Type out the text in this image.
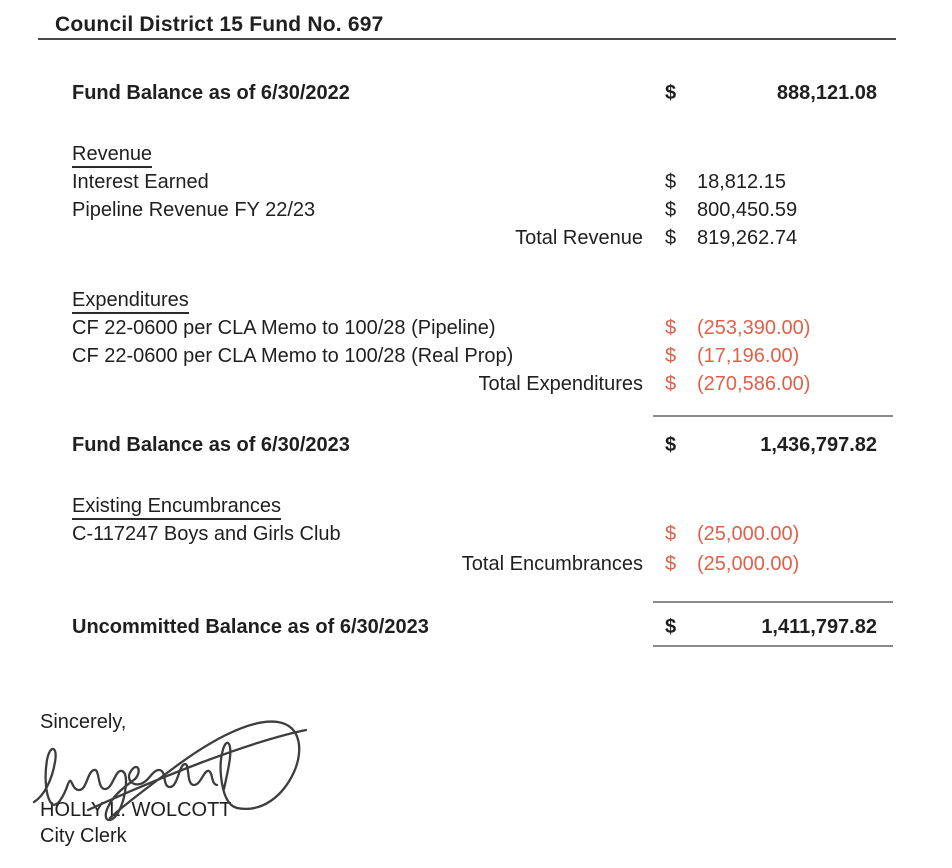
Council District 15 Fund No. 697
Fund Balance as of 6/30/2022	$	888,121.08
Revenue
Interest Earned	$	18,812.15
Pipeline Revenue FY 22/23	$	800,450.59
Total Revenue	$	819,262.74
Expenditures
CF 22-0600 per CLA Memo to 100/28 (Pipeline)	$	(253,390.00)
CF 22-0600 per CLA Memo to 100/28 (Real Prop)	$	(17,196.00)
Total Expenditures	$	(270,586.00)
Fund Balance as of 6/30/2023	$	1,436,797.82
Existing Encumbrances
C-117247 Boys and Girls Club	$	(25,000.00)
Total Encumbrances	$	(25,000.00)
Uncommitted Balance as of 6/30/2023	$	1,411,797.82
Sincerely,
HOLLY L. WOLCOTT
City Clerk
